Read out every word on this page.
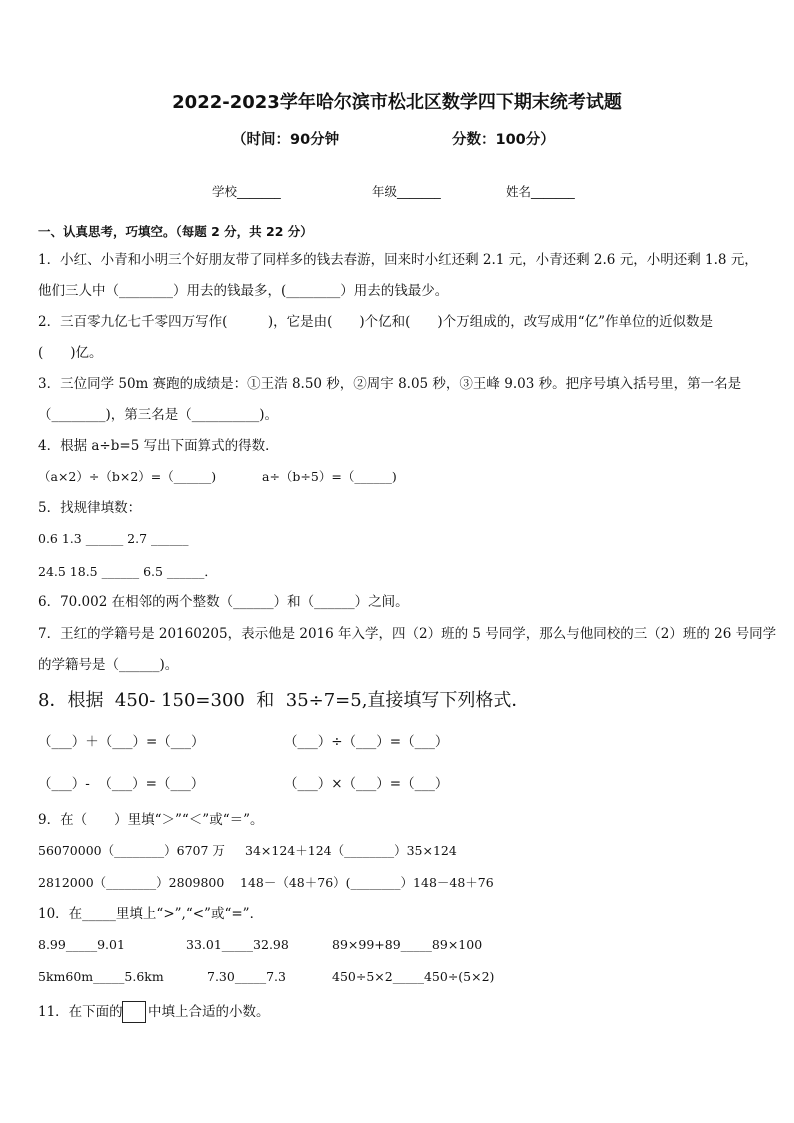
2022-2023学年哈尔滨市松北区数学四下期末统考试题
（时间：90分钟	分数：100分）
学校_______	年级_______	姓名_______
一、认真思考，巧填空。（每题 2 分，共 22 分）
1．小红、小青和小明三个好朋友带了同样多的钱去春游，回来时小红还剩 2.1 元，小青还剩 2.6 元，小明还剩 1.8 元，
他们三人中（________）用去的钱最多，(________）用去的钱最少。
2．三百零九亿七千零四万写作(　　　)，它是由(　　)个亿和(　　)个万组成的，改写成用“亿”作单位的近似数是
(　　)亿。
3．三位同学 50m 赛跑的成绩是：①王浩 8.50 秒，②周宇 8.05 秒，③王峰 9.03 秒。把序号填入括号里，第一名是
（________)，第三名是（__________)。
4．根据 a÷b=5 写出下面算式的得数．
（a×2）÷（b×2）=（______)	a÷（b÷5）=（______)
5．找规律填数：
0.6 1.3 ______ 2.7 ______
24.5 18.5 ______ 6.5 ______．
6．70.002 在相邻的两个整数（______）和（______）之间。
7．王红的学籍号是 20160205，表示他是 2016 年入学，四（2）班的 5 号同学，那么与他同校的三（2）班的 26 号同学
的学籍号是（______)。
8．根据  450- 150=300  和  35÷7=5,直接填写下列格式．
（___）＋（___）=（___）	（___）÷（___）=（___）
（___）-  （___）=（___）	（___）×（___）=（___）
9．在（　　）里填“＞”“＜”或“＝”。
56070000（________）6707 万 34×124＋124（________）35×124
2812000（________）2809800 148－（48＋76）(________）148－48＋76
10．在_____里填上“>”,“<”或“=”．
8.99_____9.01	33.01_____32.98	89×99+89_____89×100
5km60m_____5.6km	7.30_____7.3	450÷5×2_____450÷(5×2)
11．在下面的 中填上合适的小数。
